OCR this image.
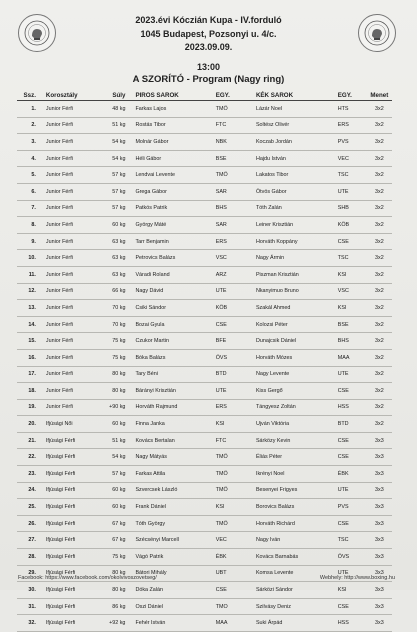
2023.évi Kóczián Kupa - IV.forduló
1045 Budapest, Pozsonyi u. 4/c.
2023.09.09.
13:00
A SZORÍTÓ - Program (Nagy ring)
Ssz.	Korosztály	Súly	PIROS SAROK	EGY.	KÉK SAROK	EGY.	Menet
1.	Junior Férfi	48 kg	Farkas Lajos	TMÖ	Lázár Noel	HTS	3x2
2.	Junior Férfi	51 kg	Rostás Tibor	FTC	Soltész Olivér	ERS	3x2
3.	Junior Férfi	54 kg	Molnár Gábor	NBK	Koczab Jordán	PVS	3x2
4.	Junior Férfi	54 kg	Héli Gábor	BSE	Hajdu István	VEC	3x2
5.	Junior Férfi	57 kg	Lendvai Levente	TMÖ	Lakatos Tibor	TSC	3x2
6.	Junior Férfi	57 kg	Grega Gábor	SAR	Ötvös Gábor	UTE	3x2
7.	Junior Férfi	57 kg	Patkós Patrik	BHS	Tóth Zalán	SHB	3x2
8.	Junior Férfi	60 kg	György Máté	SAR	Leiner Krisztián	KÖB	3x2
9.	Junior Férfi	63 kg	Tarr Benjamin	ERS	Horváth Koppány	CSE	3x2
10.	Junior Férfi	63 kg	Petrovics Balázs	VSC	Nagy Ármin	TSC	3x2
11.	Junior Férfi	63 kg	Váradi Roland	ARZ	Piszman Krisztián	KSI	3x2
12.	Junior Férfi	66 kg	Nagy Dávid	UTE	Nkanyimuo Bruno	VSC	3x2
13.	Junior Férfi	70 kg	Csiki Sándor	KÖB	Szakál Ahmed	KSI	3x2
14.	Junior Férfi	70 kg	Bozai Gyula	CSE	Kolozsi Péter	BSE	3x2
15.	Junior Férfi	75 kg	Czukor Martin	BFE	Dunajcsik Dániel	BHS	3x2
16.	Junior Férfi	75 kg	Bóka Balázs	ÖVS	Horváth Mózes	MAA	3x2
17.	Junior Férfi	80 kg	Tary Béni	BTD	Nagy Levente	UTE	3x2
18.	Junior Férfi	80 kg	Bárányi Krisztián	UTE	Kiss Gergő	CSE	3x2
19.	Junior Férfi	+90 kg	Horváth Rajmund	ERS	Tángyesz Zoltán	HSS	3x2
20.	Ifjúsági Női	60 kg	Finna Janka	KSI	Ujván Viktória	BTD	3x2
21.	Ifjúsági Férfi	51 kg	Kovács Bertalan	FTC	Sárközy Kevin	CSE	3x3
22.	Ifjúsági Férfi	54 kg	Nagy Mátyás	TMÖ	Éliás Péter	CSE	3x3
23.	Ifjúsági Férfi	57 kg	Farkas Attila	TMÖ	Ikrényi Noel	ÉBK	3x3
24.	Ifjúsági Férfi	60 kg	Szvercsek László	TMÖ	Besenyei Frigyes	UTE	3x3
25.	Ifjúsági Férfi	60 kg	Frank Dániel	KSI	Borovics Balázs	PVS	3x3
26.	Ifjúsági Férfi	67 kg	Tóth György	TMÖ	Horváth Richárd	CSE	3x3
27.	Ifjúsági Férfi	67 kg	Szécsényi Marcell	VEC	Nagy Iván	TSC	3x3
28.	Ifjúsági Férfi	75 kg	Vágó Patrik	ÉBK	Kovács Barnabás	ÖVS	3x3
29.	Ifjúsági Férfi	80 kg	Bátori Mihály	UBT	Komsa Levente	UTE	3x3
30.	Ifjúsági Férfi	80 kg	Dóka Zalán	CSE	Sárközi Sándor	KSI	3x3
31.	Ifjúsági Férfi	86 kg	Oszi Dániel	TMO	Szilvásy Deniz	CSE	3x3
32.	Ifjúsági Férfi	+92 kg	Fehér István	MAA	Suki Árpád	HSS	3x3
Facebook: https://www.facebook.com/okolvivoszovetseg/	Webhely: http://www.boxing.hu
